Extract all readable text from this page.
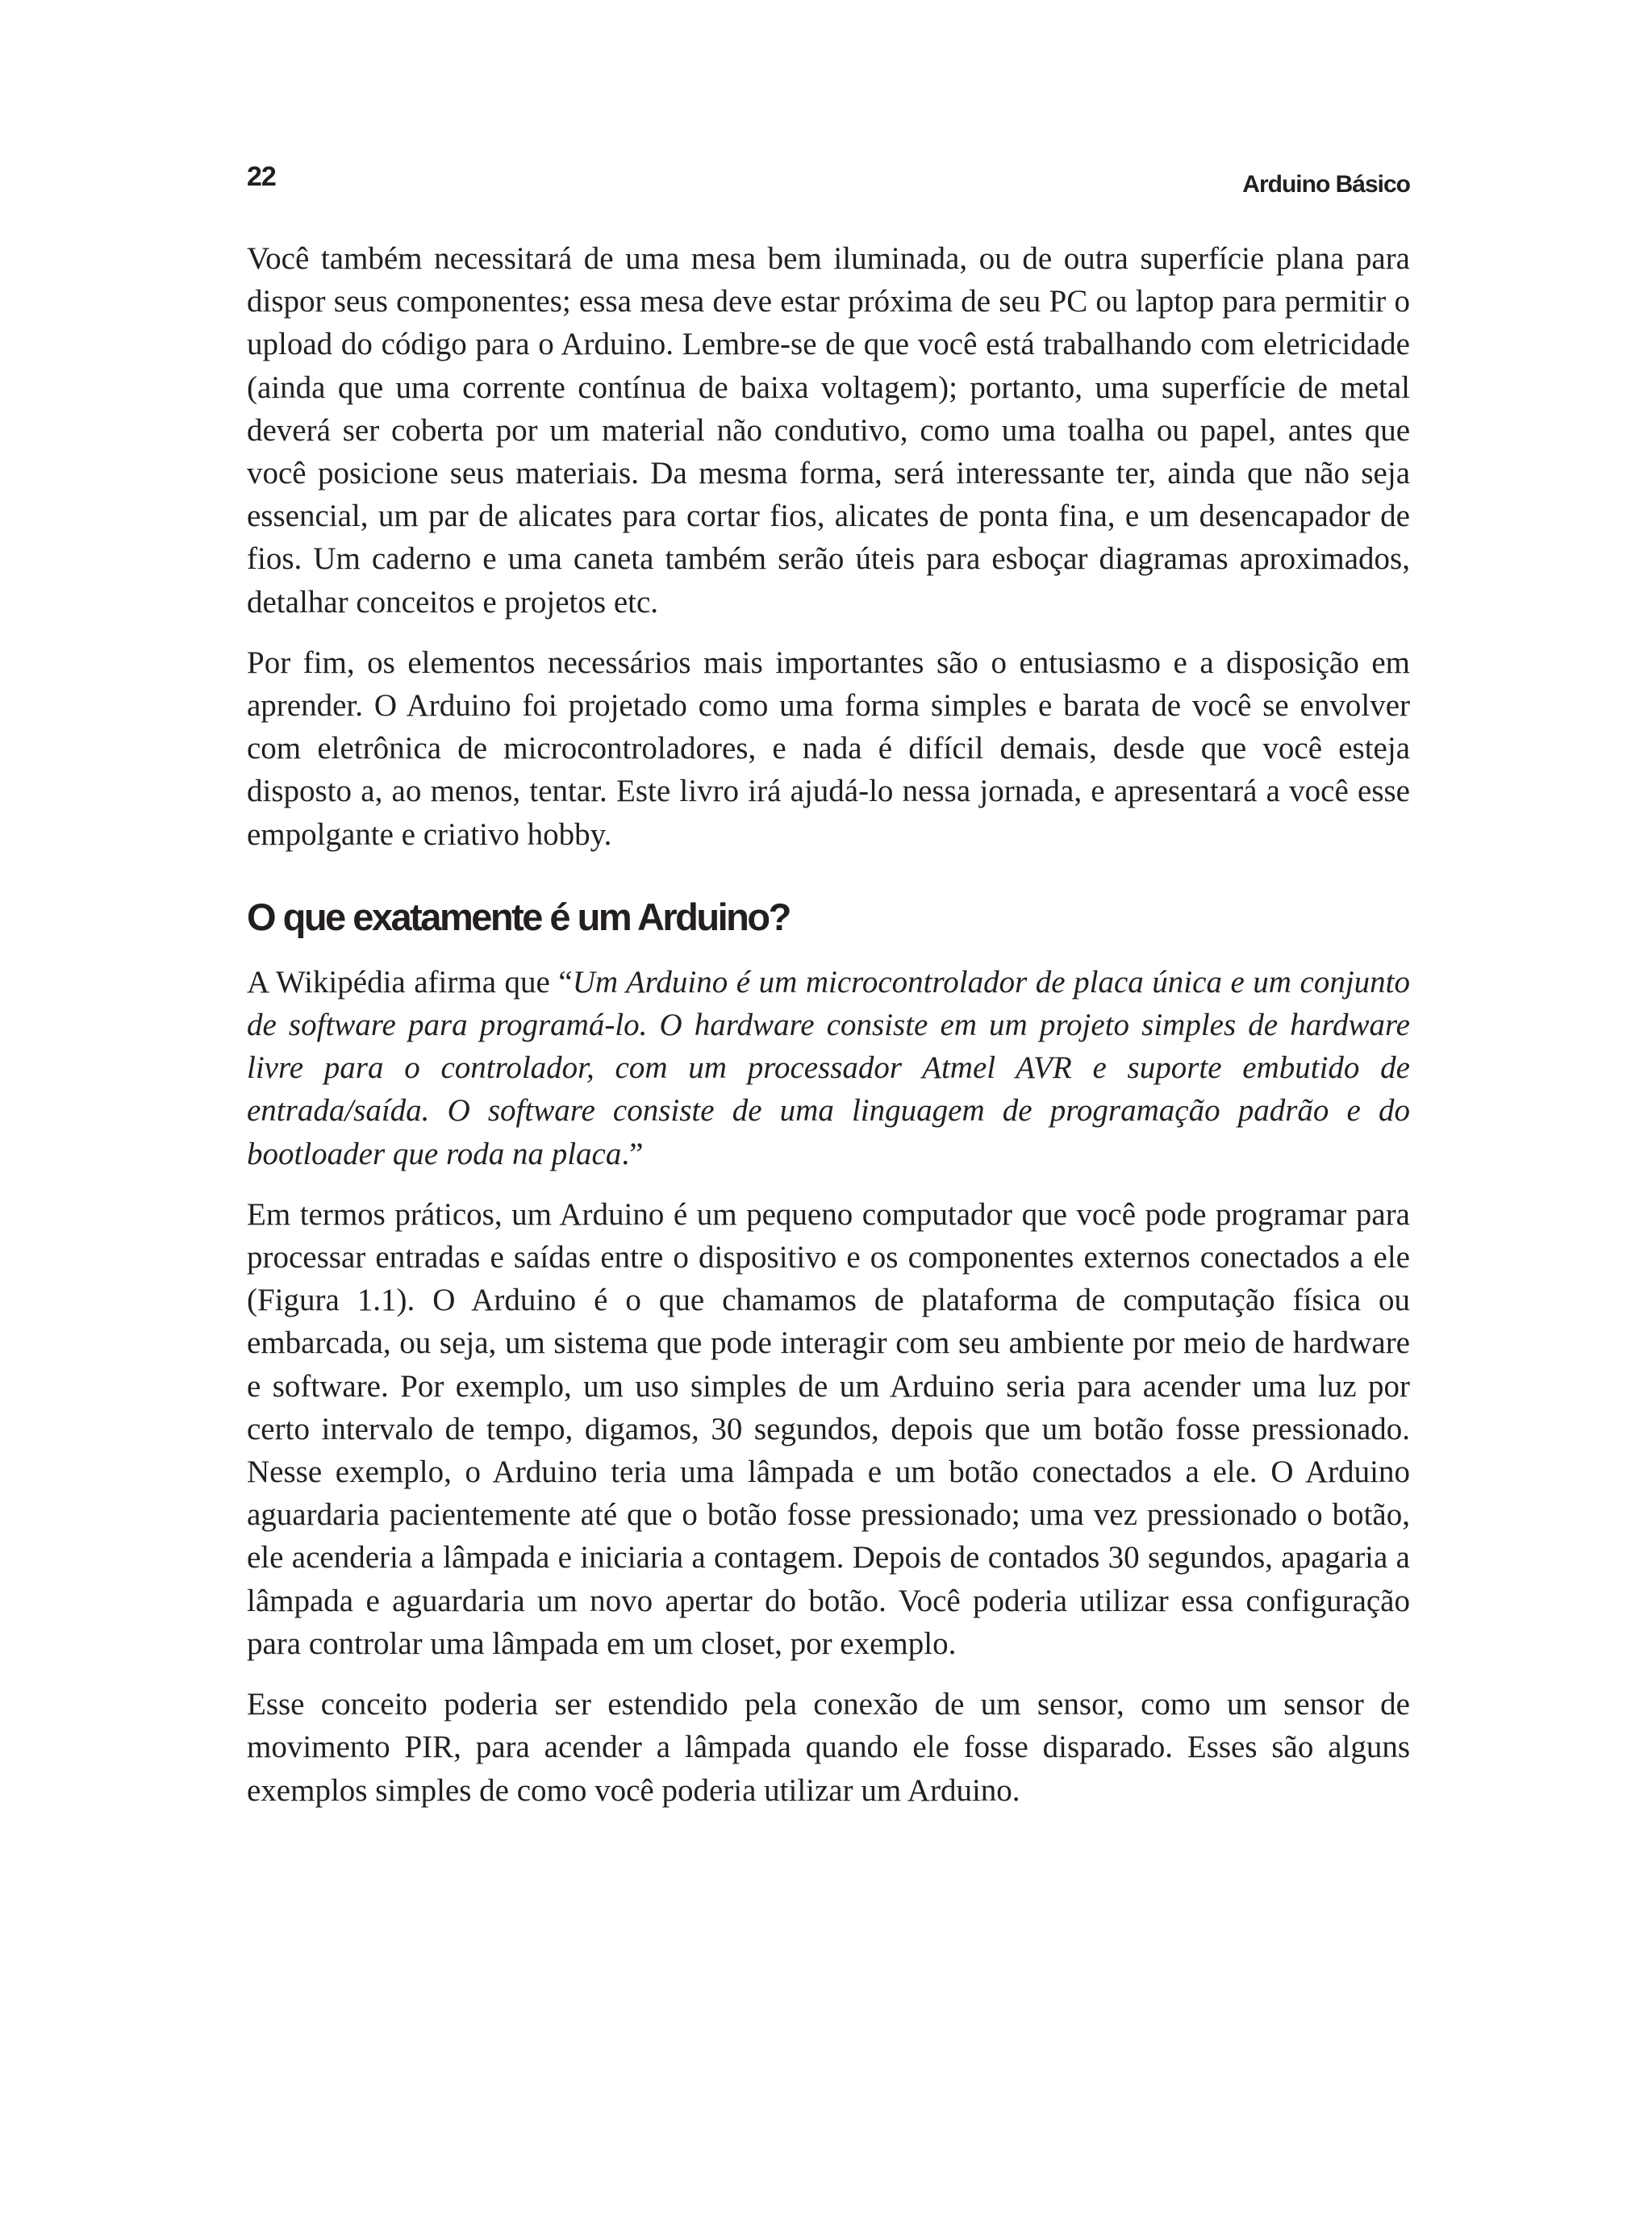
22	Arduino Básico

Você também necessitará de uma mesa bem iluminada, ou de outra superfície plana para dispor seus componentes; essa mesa deve estar próxima de seu PC ou laptop para permitir o upload do código para o Arduino. Lembre-se de que você está trabalhando com eletricidade (ainda que uma corrente contínua de baixa voltagem); portanto, uma superfície de metal deverá ser coberta por um material não condutivo, como uma toalha ou papel, antes que você posicione seus materiais. Da mesma forma, será interessante ter, ainda que não seja essencial, um par de alicates para cortar fios, alicates de ponta fina, e um desencapador de fios. Um caderno e uma caneta também serão úteis para esboçar diagramas aproximados, detalhar conceitos e projetos etc.

Por fim, os elementos necessários mais importantes são o entusiasmo e a disposição em aprender. O Arduino foi projetado como uma forma simples e barata de você se envolver com eletrônica de microcontroladores, e nada é difícil demais, desde que você esteja disposto a, ao menos, tentar. Este livro irá ajudá-lo nessa jornada, e apresentará a você esse empolgante e criativo hobby.

O que exatamente é um Arduino?

A Wikipédia afirma que “Um Arduino é um microcontrolador de placa única e um conjunto de software para programá-lo. O hardware consiste em um projeto simples de hardware livre para o controlador, com um processador Atmel AVR e suporte embutido de entrada/saída. O software consiste de uma linguagem de programação padrão e do bootloader que roda na placa.”

Em termos práticos, um Arduino é um pequeno computador que você pode programar para processar entradas e saídas entre o dispositivo e os componentes externos conectados a ele (Figura 1.1). O Arduino é o que chamamos de plataforma de computação física ou embarcada, ou seja, um sistema que pode interagir com seu ambiente por meio de hardware e software. Por exemplo, um uso simples de um Arduino seria para acender uma luz por certo intervalo de tempo, digamos, 30 segundos, depois que um botão fosse pressionado. Nesse exemplo, o Arduino teria uma lâmpada e um botão conectados a ele. O Arduino aguardaria pacientemente até que o botão fosse pressionado; uma vez pressionado o botão, ele acenderia a lâmpada e iniciaria a contagem. Depois de contados 30 segundos, apagaria a lâmpada e aguardaria um novo apertar do botão. Você poderia utilizar essa configuração para controlar uma lâmpada em um closet, por exemplo.

Esse conceito poderia ser estendido pela conexão de um sensor, como um sensor de movimento PIR, para acender a lâmpada quando ele fosse disparado. Esses são alguns exemplos simples de como você poderia utilizar um Arduino.
